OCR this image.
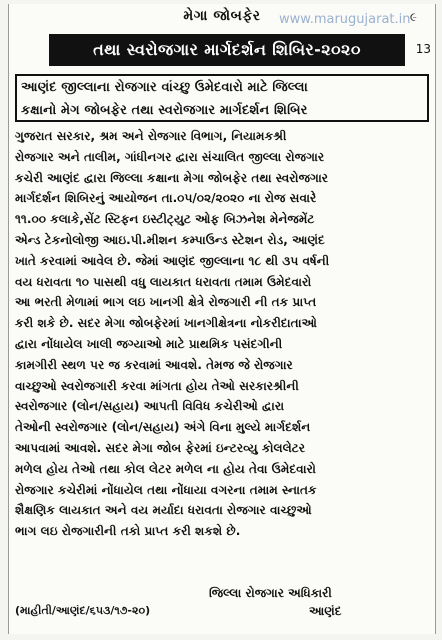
મેગા જોબફેર	www.marugujarat.in ૯
તથા સ્વરોજગાર માર્ગદર્શન શિબિર-૨૦૨૦	13
આણંદ જીલ્લાના રોજગાર વાંચ્છુ ઉમેદવારો માટે જિલ્લા
કક્ષાનો મેગ જોબફેર તથા સ્વરોજગાર માર્ગદર્શન શિબિર
ગુજરાત સરકાર, શ્રમ અને રોજગાર વિભાગ, નિયામકશ્રી
રોજગાર અને તાલીમ, ગાંધીનગર દ્વારા સંચાલિત જીલ્લા રોજગાર
કચેરી આણંદ દ્વારા જિલ્લા કક્ષાના મેગા જોબફેર તથા સ્વરોજગાર
માર્ગદર્શન શિબિરનું આયોજન તા.૦૫/૦૨/૨૦૨૦ ના રોજ સવારે
૧૧.૦૦ કલાકે,સેંટ સ્ટિફન ઇસ્ટીટ્યુટ ઓફ બિઝનેશ મેનેજમેંટ
એન્ડ ટેકનોલોજી આઇ.પી.મીશન કમ્પાઉન્ડ સ્ટેશન રોડ, આણંદ
ખાતે કરવામાં આવેલ છે. જેમાં આણંદ જીલ્લાના ૧૮ થી ૩૫ વર્ષની
વય ધરાવતા ૧૦ પાસથી વધુ લાયકાત ધરાવતા તમામ ઉમેદવારો
આ ભરતી મેળામાં ભાગ લઇ ખાનગી ક્ષેત્રે રોજગારી ની તક પ્રાપ્ત
કરી શકે છે. સદર મેગા જોબફેરમાં ખાનગીક્ષેત્રના નોકરીદાતાઓ
દ્વારા નોંધાયેલ ખાલી જગ્યાઓ માટે પ્રાથમિક પસંદગીની
કામગીરી સ્થળ પર જ કરવામાં આવશે. તેમજ જે રોજગાર
વાચ્છુઓ સ્વરોજગારી કરવા માંગતા હોય તેઓ સરકારશ્રીની
સ્વરોજગાર (લોન/સહાય) આપતી વિવિધ કચેરીઓ દ્વારા
તેઓની સ્વરોજગાર (લોન/સહાય) અંગે વિના મુલ્યે માર્ગદર્શન
આપવામાં આવશે. સદર મેગા જોબ ફેરમાં ઇન્ટરવ્યુ કોલલેટર
મળેલ હોય તેઓ તથા કોલ લેટર મળેલ ના હોય તેવા ઉમેદવારો
રોજગાર કચેરીમાં નોંધાયેલ તથા નોંધાયા વગરના તમામ સ્નાતક
શૈક્ષણિક લાયકાત અને વય મર્યાદા ધરાવતા રોજગાર વાચ્છુઓ
ભાગ લઇ રોજગારીની તકો પ્રાપ્ત કરી શકશે છે.
(માહીતી/આણંદ/૬૫૩/૧૭-૨૦)
જિલ્લા રોજગાર અધિકારી
આણંદ
